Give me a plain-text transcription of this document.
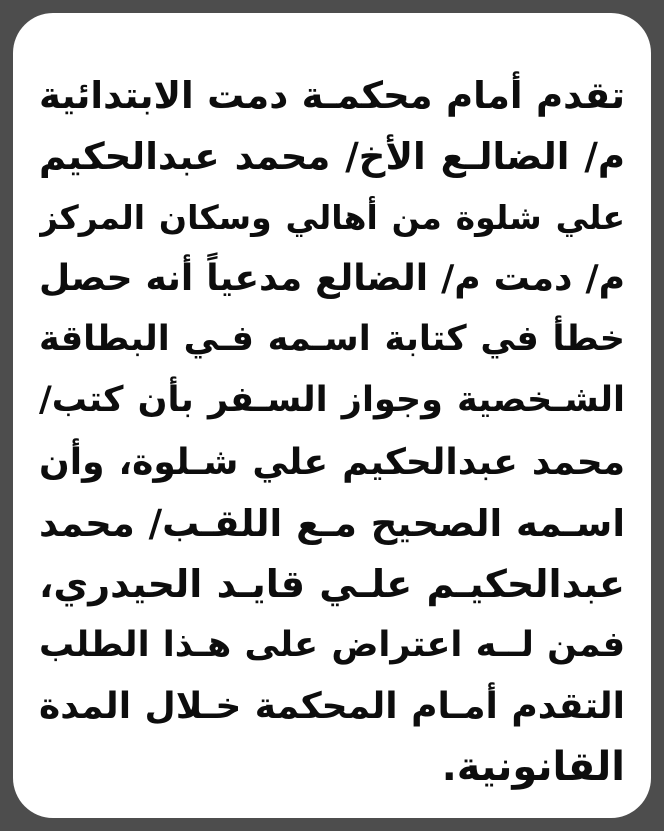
تقدم أمام محكمـة دمت الابتدائية
م/ الضالـع الأخ/ محمد عبدالحكيم
علي شلوة من أهالي وسكان المركز
م/ دمت م/ الضالع مدعياً أنه حصل
خطأ في كتابة اسـمه فـي البطاقة
الشـخصية وجواز السـفر بأن كتب/
محمد عبدالحكيم علي شـلوة، وأن
اسـمه الصحيح مـع اللقـب/ محمد
عبدالحكيـم علـي قايـد الحيدري،
فمن لــه اعتراض على هـذا الطلب
التقدم أمـام المحكمة خـلال المدة
القانونية.
